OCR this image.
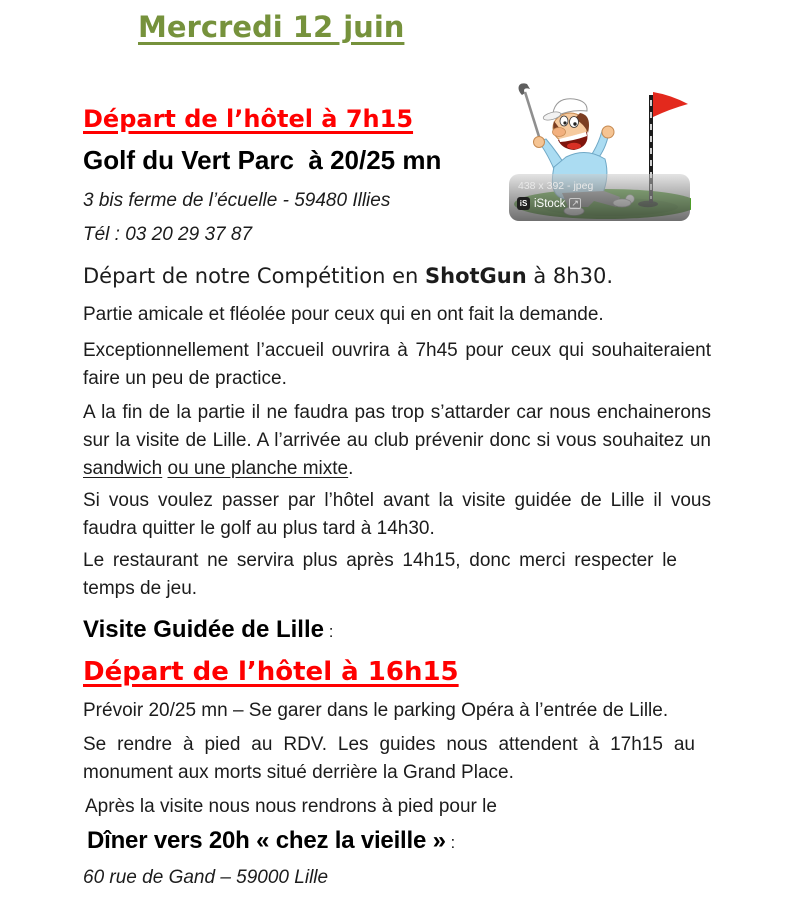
Mercredi 12 juin
Départ de l’hôtel à 7h15
Golf du Vert Parc  à 20/25 mn

3 bis ferme de l’écuelle - 59480 Illies

Tél : 03 20 29 37 87

Départ de notre Compétition en ShotGun à 8h30.

Partie amicale et fléolée pour ceux qui en ont fait la demande.

Exceptionnellement l’accueil ouvrira à 7h45 pour ceux qui souhaiteraient faire un peu de practice.

A la fin de la partie il ne faudra pas trop s’attarder car nous enchainerons sur la visite de Lille. A l’arrivée au club prévenir donc si vous souhaitez un sandwich ou une planche mixte.

Si vous voulez passer par l’hôtel avant la visite guidée de Lille il vous faudra quitter le golf au plus tard à 14h30.

Le restaurant ne servira plus après 14h15, donc merci respecter le temps de jeu.

Visite Guidée de Lille :
Départ de l’hôtel à 16h15

Prévoir 20/25 mn – Se garer dans le parking Opéra à l’entrée de Lille.

Se rendre à pied au RDV. Les guides nous attendent à 17h15 au monument aux morts situé derrière la Grand Place.

Après la visite nous nous rendrons à pied pour le

Dîner vers 20h « chez la vieille » :

60 rue de Gand – 59000 Lille

438 x 392 - jpeg
iS iStock ↗
